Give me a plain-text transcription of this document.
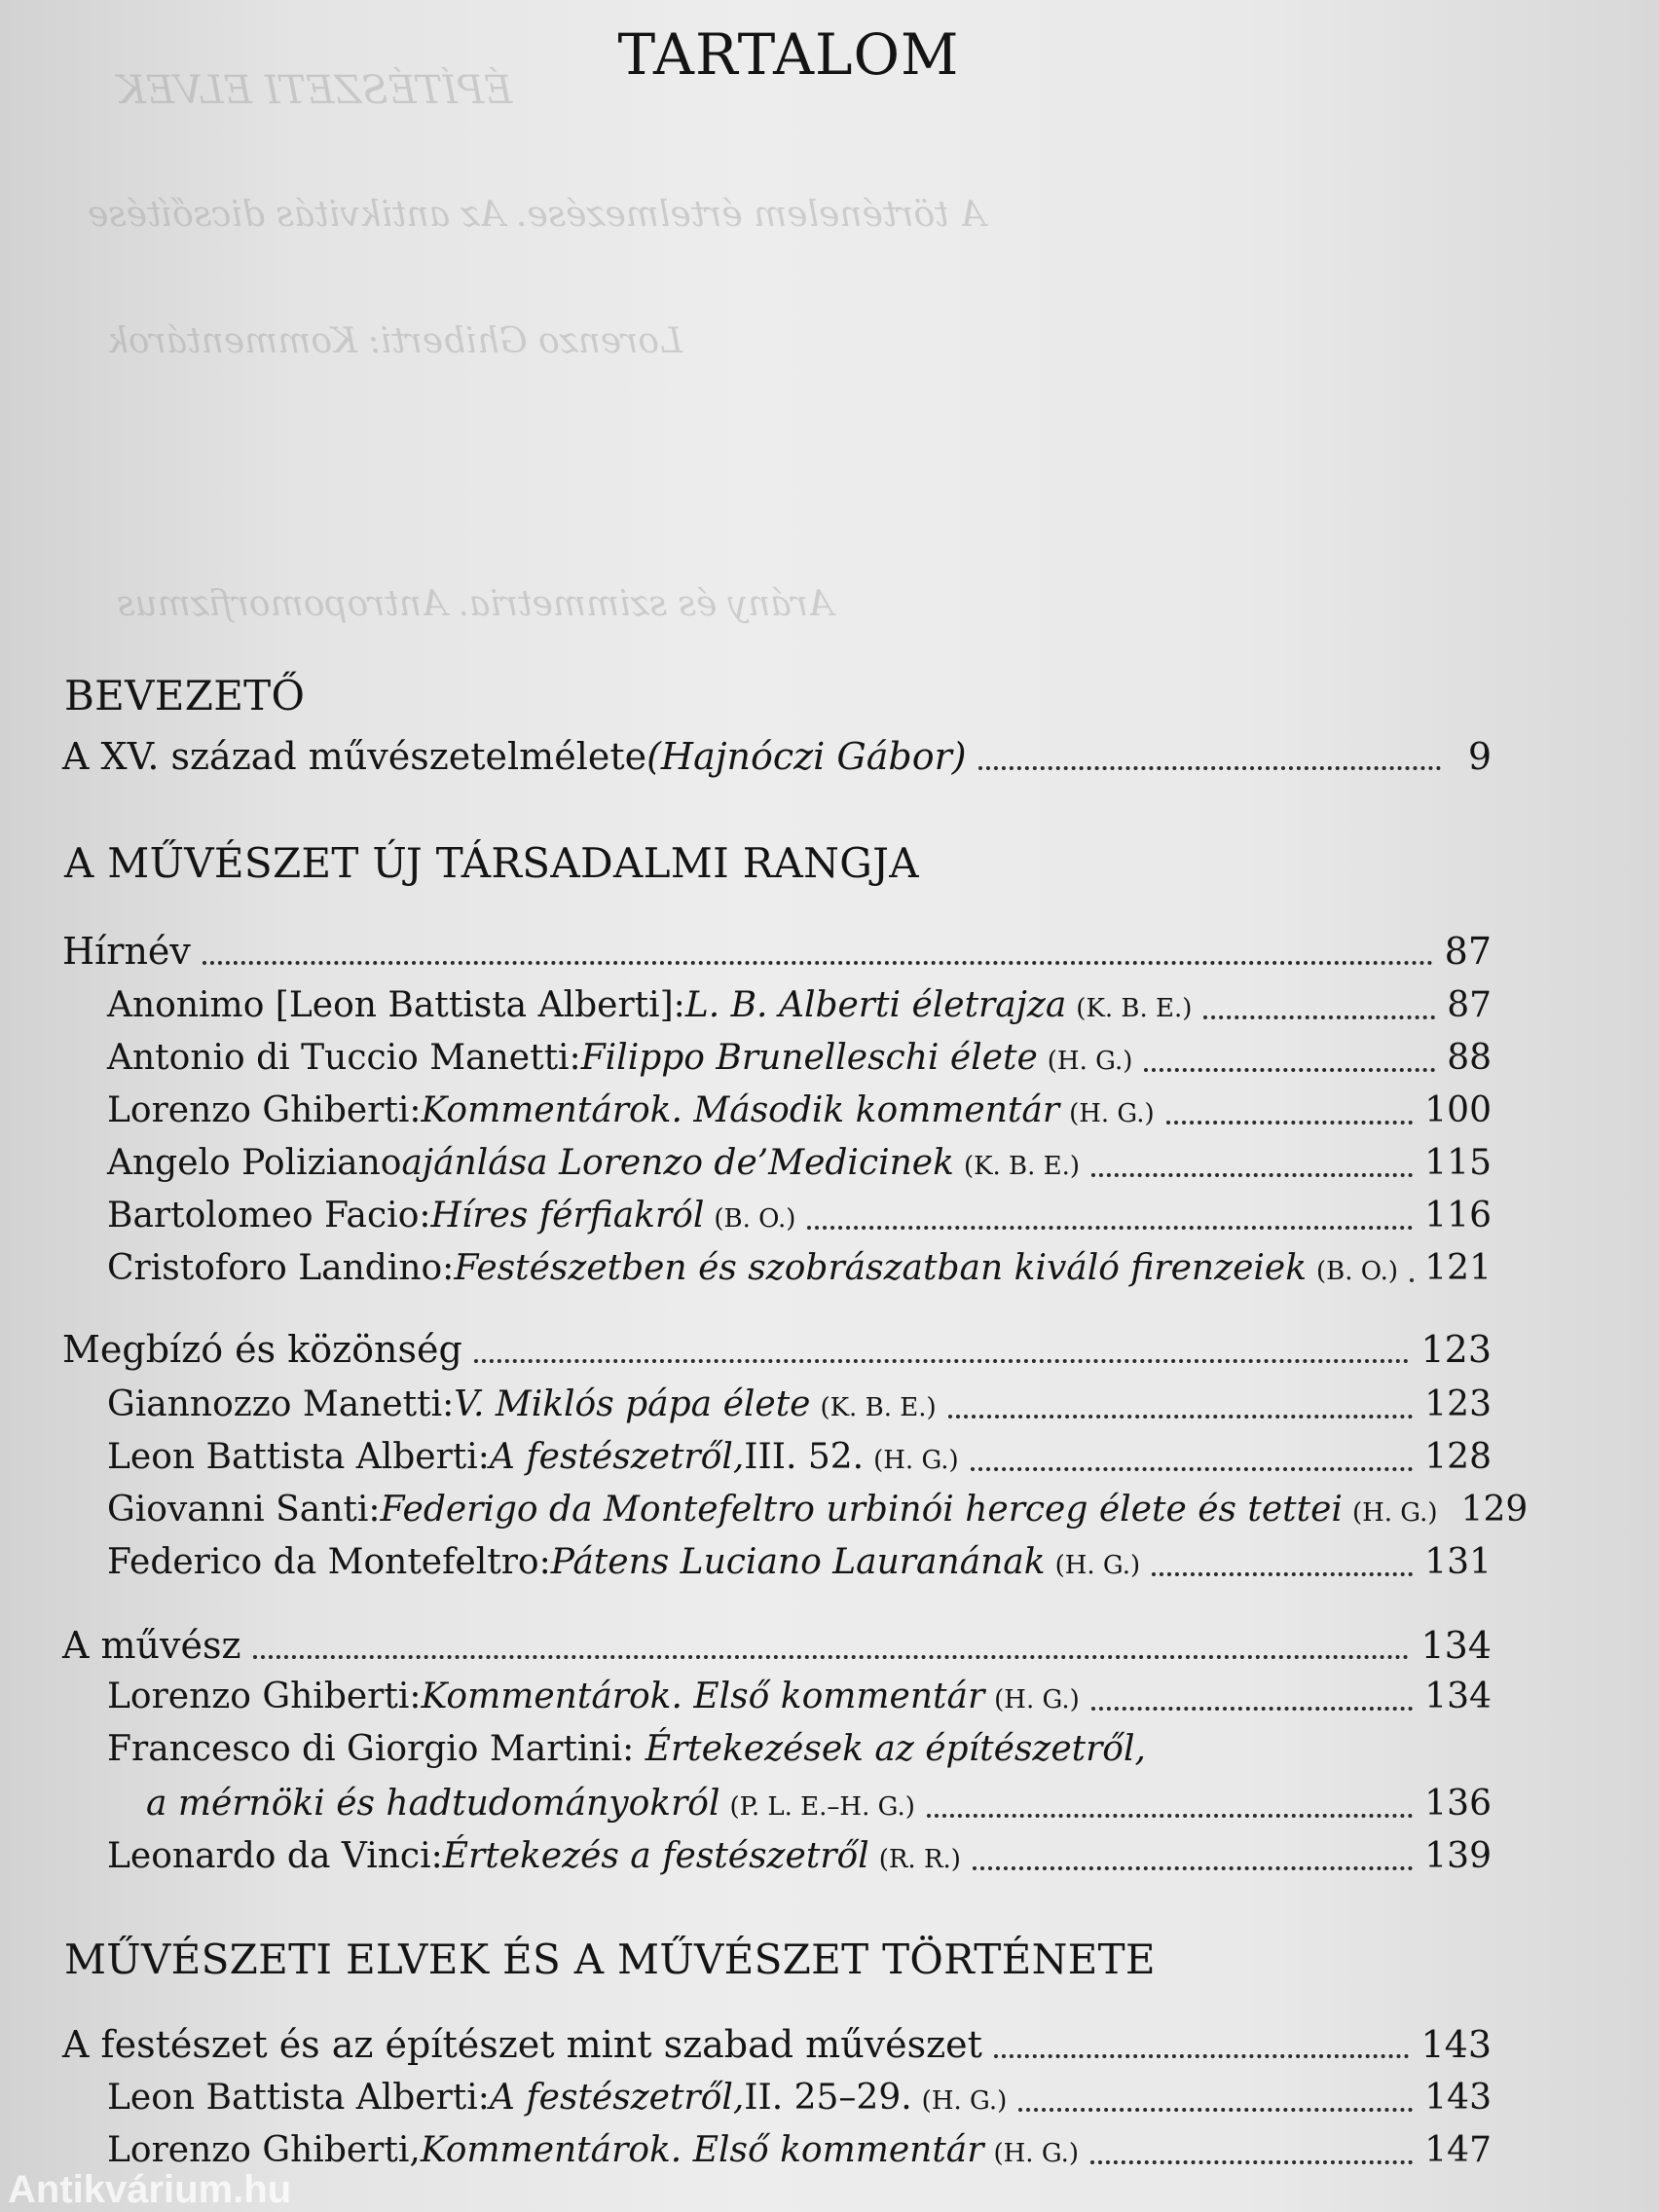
ÉPÍTÉSZETI ELVEK
A történelem értelmezése. Az antikvitás dicsőítése
Lorenzo Ghiberti: Kommentárok
Arány és szimmetria. Antropomorfizmus
TARTALOM
BEVEZETŐ
A XV. század művészetelmélete (Hajnóczi Gábor)	9
A MŰVÉSZET ÚJ TÁRSADALMI RANGJA
Hírnév	87
Anonimo [Leon Battista Alberti]: L. B. Alberti életrajza (K. B. E.)	87
Antonio di Tuccio Manetti: Filippo Brunelleschi élete (H. G.)	88
Lorenzo Ghiberti: Kommentárok. Második kommentár (H. G.)	100
Angelo Poliziano ajánlása Lorenzo de’Medicinek (K. B. E.)	115
Bartolomeo Facio: Híres férfiakról (B. O.)	116
Cristoforo Landino: Festészetben és szobrászatban kiváló firenzeiek (B. O.) 121
Megbízó és közönség	123
Giannozzo Manetti: V. Miklós pápa élete (K. B. E.)	123
Leon Battista Alberti: A festészetről, III. 52. (H. G.)	128
Giovanni Santi: Federigo da Montefeltro urbinói herceg élete és tettei (H. G.) 129
Federico da Montefeltro: Pátens Luciano Lauranának (H. G.)	131
A művész	134
Lorenzo Ghiberti: Kommentárok. Első kommentár (H. G.)	134
Francesco di Giorgio Martini: Értekezések az építészetről,
a mérnöki és hadtudományokról (P. L. E.–H. G.)	136
Leonardo da Vinci: Értekezés a festészetről (R. R.)	139
MŰVÉSZETI ELVEK ÉS A MŰVÉSZET TÖRTÉNETE
A festészet és az építészet mint szabad művészet	143
Leon Battista Alberti: A festészetről, II. 25–29. (H. G.)	143
Lorenzo Ghiberti, Kommentárok. Első kommentár (H. G.)	147
Antikvárium.hu
